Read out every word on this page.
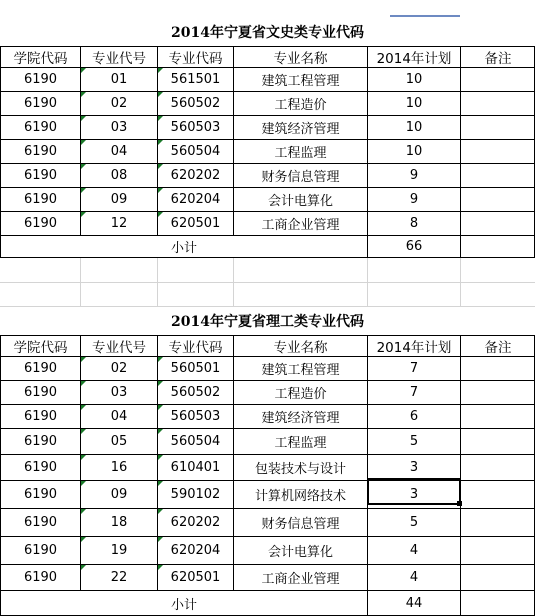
2014年宁夏省文史类专业代码
学院代码	专业代号	专业代码	专业名称	2014年计划	备注
6190	01	561501	建筑工程管理	10
6190	02	560502	工程造价	10
6190	03	560503	建筑经济管理	10
6190	04	560504	工程监理	10
6190	08	620202	财务信息管理	9
6190	09	620204	会计电算化	9
6190	12	620501	工商企业管理	8
小计	66
2014年宁夏省理工类专业代码
学院代码	专业代号	专业代码	专业名称	2014年计划	备注
6190	02	560501	建筑工程管理	7
6190	03	560502	工程造价	7
6190	04	560503	建筑经济管理	6
6190	05	560504	工程监理	5
6190	16	610401	包装技术与设计	3
6190	09	590102	计算机网络技术	3
6190	18	620202	财务信息管理	5
6190	19	620204	会计电算化	4
6190	22	620501	工商企业管理	4
小计	44
